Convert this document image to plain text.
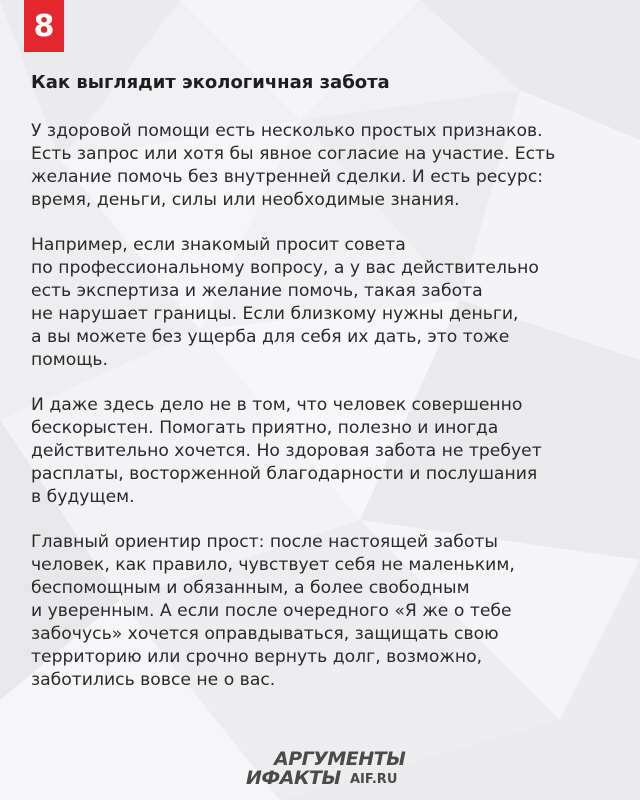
8
Как выглядит экологичная забота

У здоровой помощи есть несколько простых признаков.
Есть запрос или хотя бы явное согласие на участие. Есть
желание помочь без внутренней сделки. И есть ресурс:
время, деньги, силы или необходимые знания.

Например, если знакомый просит совета
по профессиональному вопросу, а у вас действительно
есть экспертиза и желание помочь, такая забота
не нарушает границы. Если близкому нужны деньги,
а вы можете без ущерба для себя их дать, это тоже
помощь.

И даже здесь дело не в том, что человек совершенно
бескорыстен. Помогать приятно, полезно и иногда
действительно хочется. Но здоровая забота не требует
расплаты, восторженной благодарности и послушания
в будущем.

Главный ориентир прост: после настоящей заботы
человек, как правило, чувствует себя не маленьким,
беспомощным и обязанным, а более свободным
и уверенным. А если после очередного «Я же о тебе
забочусь» хочется оправдываться, защищать свою
территорию или срочно вернуть долг, возможно,
заботились вовсе не о вас.

АРГУМЕНТЫ
ИФАКТЫ AIF.RU
